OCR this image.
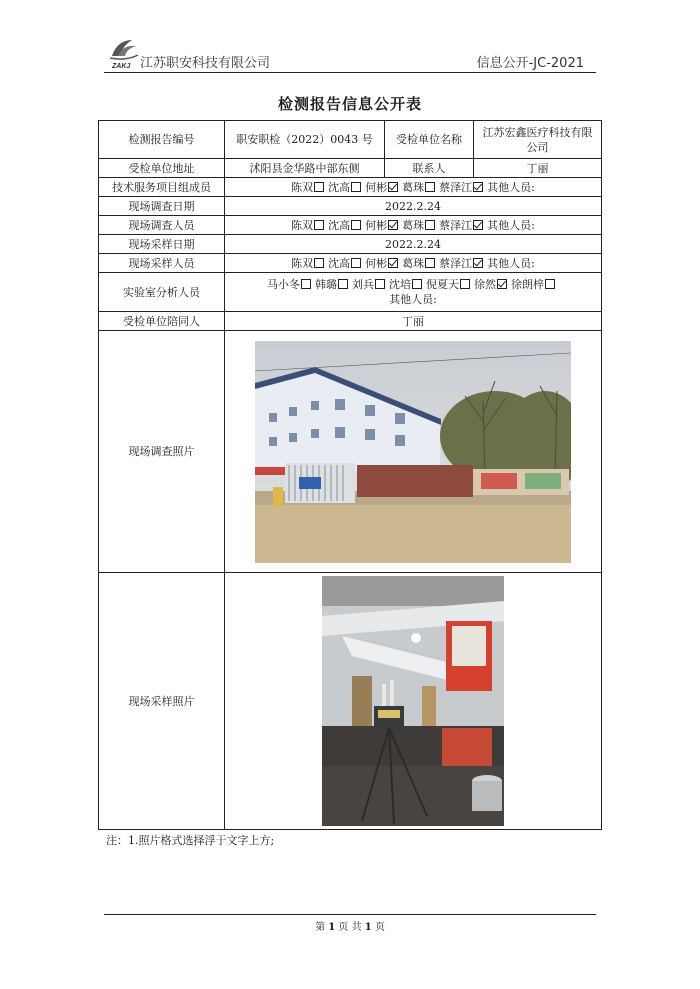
ZAKJ 江苏职安科技有限公司	信息公开-JC-2021
检测报告信息公开表
检测报告编号	职安职检（2022）0043 号	受检单位名称	江苏宏鑫医疗科技有限公司
受检单位地址	沭阳县金华路中部东侧	联系人	丁丽
技术服务项目组成员	陈双 沈高 何彬 葛珠 蔡泽江 其他人员:		
现场调查日期	2022.2.24		
现场调查人员	陈双 沈高 何彬 葛珠 蔡泽江 其他人员:		
现场采样日期	2022.2.24		
现场采样人员	陈双 沈高 何彬 葛珠 蔡泽江 其他人员:		
实验室分析人员	马小冬 韩璐 刘兵 沈培 倪夏天 徐然 徐朗梓
其他人员:		
受检单位陪同人	丁丽		
现场调查照片	

现场采样照片	
注：1.照片格式选择浮于文字上方;
第 1 页 共 1 页
